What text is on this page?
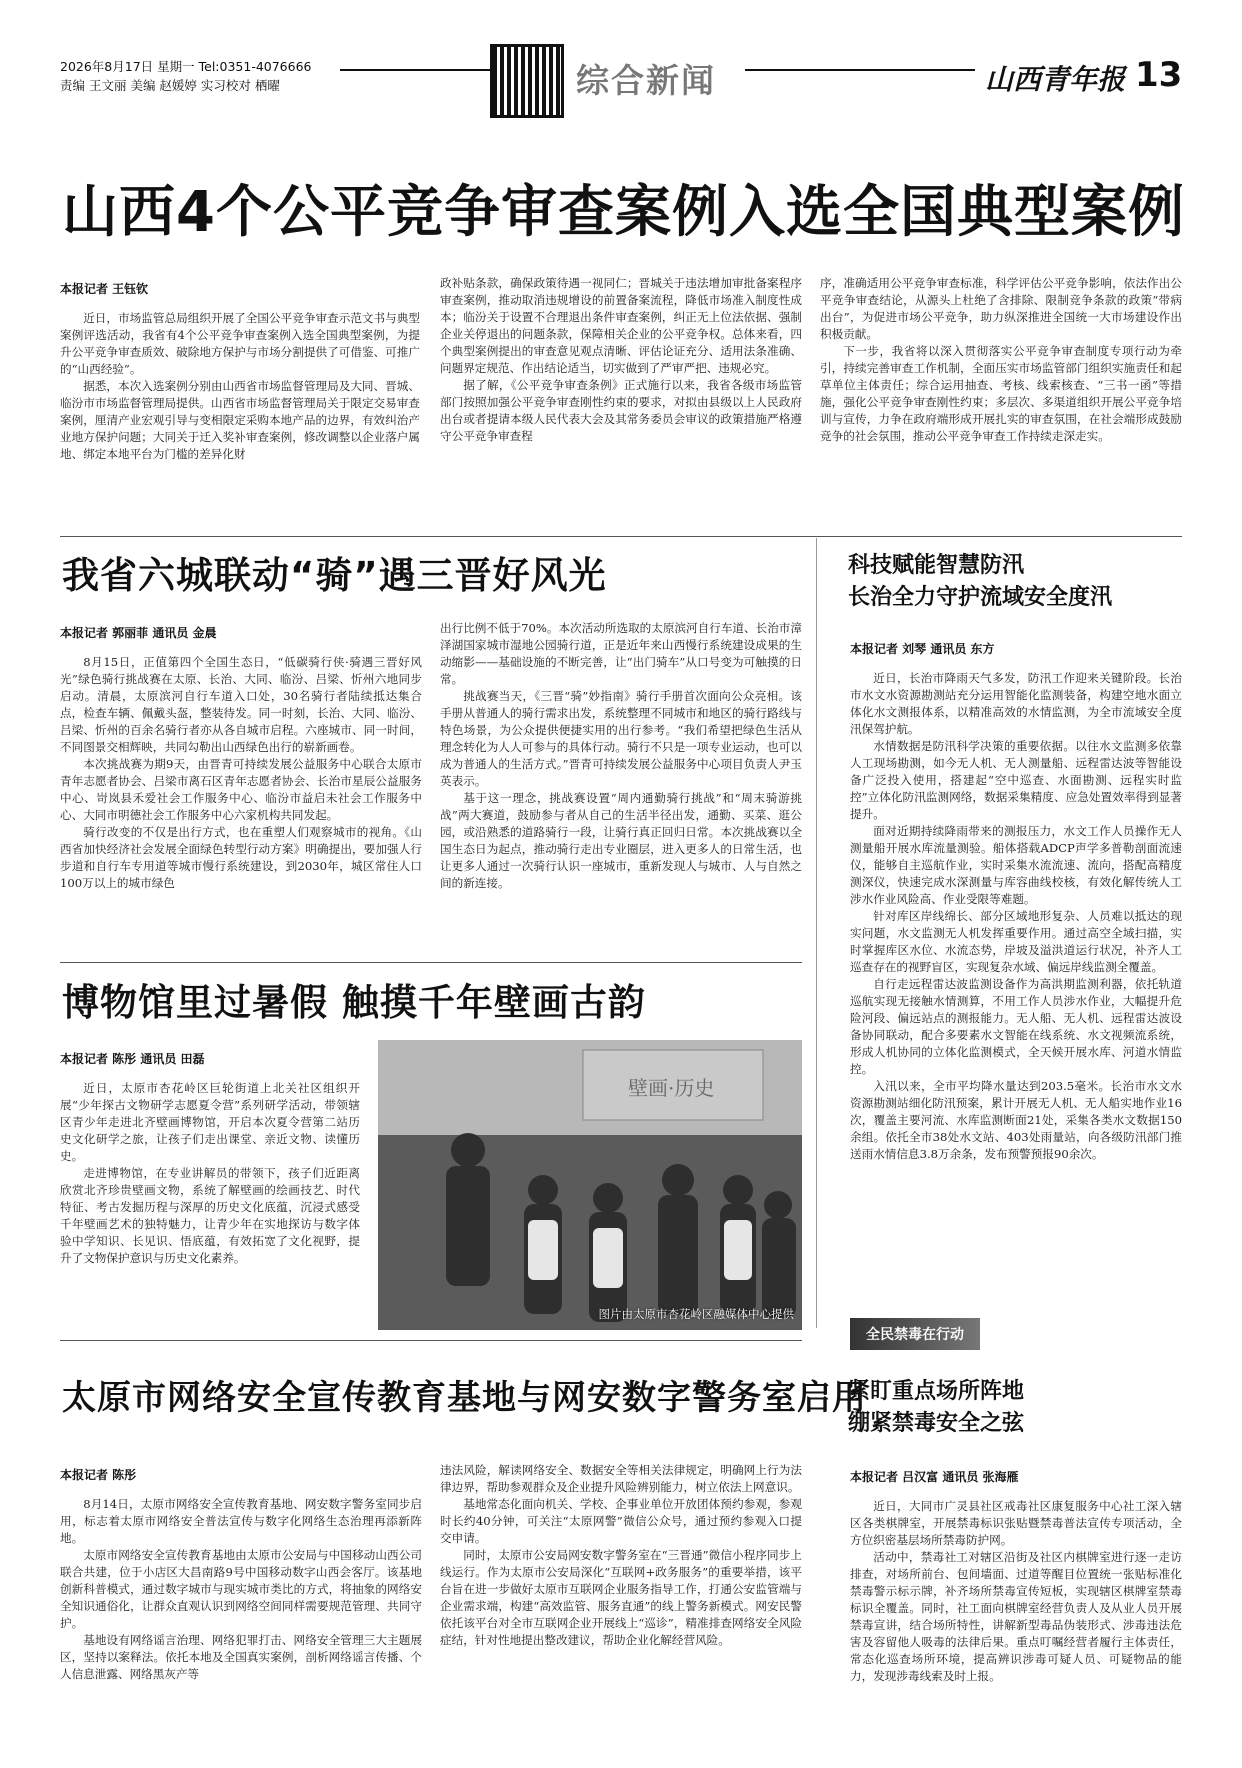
2026年8月17日 星期一 Tel:0351-4076666
责编 王文丽 美编 赵媛婷 实习校对 栖曜	综合新闻	山西青年报 13
山西4个公平竞争审查案例入选全国典型案例
本报记者 王钰钦

近日，市场监管总局组织开展了全国公平竞争审查示范文书与典型案例评选活动，我省有4个公平竞争审查案例入选全国典型案例，为提升公平竞争审查质效、破除地方保护与市场分割提供了可借鉴、可推广的“山西经验”。

据悉，本次入选案例分别由山西省市场监督管理局及大同、晋城、临汾市市场监督管理局提供。山西省市场监督管理局关于限定交易审查案例，厘清产业宏观引导与变相限定采购本地产品的边界，有效纠治产业地方保护问题；大同关于迁入奖补审查案例，修改调整以企业落户属地、绑定本地平台为门槛的差异化财

政补贴条款，确保政策待遇一视同仁；晋城关于违法增加审批备案程序审查案例，推动取消违规增设的前置备案流程，降低市场准入制度性成本；临汾关于设置不合理退出条件审查案例，纠正无上位法依据、强制企业关停退出的问题条款，保障相关企业的公平竞争权。总体来看，四个典型案例提出的审查意见观点清晰、评估论证充分、适用法条准确、问题界定规范、作出结论适当，切实做到了严审严把、违规必究。

据了解，《公平竞争审查条例》正式施行以来，我省各级市场监管部门按照加强公平竞争审查刚性约束的要求，对拟由县级以上人民政府出台或者提请本级人民代表大会及其常务委员会审议的政策措施严格遵守公平竞争审查程

序，准确适用公平竞争审查标准，科学评估公平竞争影响，依法作出公平竞争审查结论，从源头上杜绝了含排除、限制竞争条款的政策“带病出台”，为促进市场公平竞争，助力纵深推进全国统一大市场建设作出积极贡献。

下一步，我省将以深入贯彻落实公平竞争审查制度专项行动为牵引，持续完善审查工作机制，全面压实市场监管部门组织实施责任和起草单位主体责任；综合运用抽查、考核、线索核查、“三书一函”等措施，强化公平竞争审查刚性约束；多层次、多渠道组织开展公平竞争培训与宣传，力争在政府端形成开展扎实的审查氛围，在社会端形成鼓励竞争的社会氛围，推动公平竞争审查工作持续走深走实。

我省六城联动“骑”遇三晋好风光
本报记者 郭丽菲 通讯员 金晨

8月15日，正值第四个全国生态日，“低碳骑行侠·骑遇三晋好风光”绿色骑行挑战赛在太原、长治、大同、临汾、吕梁、忻州六地同步启动。清晨，太原滨河自行车道入口处，30名骑行者陆续抵达集合点，检查车辆、佩戴头盔，整装待发。同一时刻，长治、大同、临汾、吕梁、忻州的百余名骑行者亦从各自城市启程。六座城市、同一时间，不同图景交相辉映，共同勾勒出山西绿色出行的崭新画卷。

本次挑战赛为期9天，由晋青可持续发展公益服务中心联合太原市青年志愿者协会、吕梁市离石区青年志愿者协会、长治市星辰公益服务中心、岢岚县禾爱社会工作服务中心、临汾市益启未社会工作服务中心、大同市明德社会工作服务中心六家机构共同发起。

骑行改变的不仅是出行方式，也在重塑人们观察城市的视角。《山西省加快经济社会发展全面绿色转型行动方案》明确提出，要加强人行步道和自行车专用道等城市慢行系统建设，到2030年，城区常住人口100万以上的城市绿色

出行比例不低于70%。本次活动所选取的太原滨河自行车道、长治市漳泽湖国家城市湿地公园骑行道，正是近年来山西慢行系统建设成果的生动缩影——基础设施的不断完善，让“出门骑车”从口号变为可触摸的日常。

挑战赛当天，《三晋“骑”妙指南》骑行手册首次面向公众亮相。该手册从普通人的骑行需求出发，系统整理不同城市和地区的骑行路线与特色场景，为公众提供便捷实用的出行参考。“我们希望把绿色生活从理念转化为人人可参与的具体行动。骑行不只是一项专业运动，也可以成为普通人的生活方式。”晋青可持续发展公益服务中心项目负责人尹玉英表示。

基于这一理念，挑战赛设置“周内通勤骑行挑战”和“周末骑游挑战”两大赛道，鼓励参与者从自己的生活半径出发，通勤、买菜、逛公园，或沿熟悉的道路骑行一段，让骑行真正回归日常。本次挑战赛以全国生态日为起点，推动骑行走出专业圈层，进入更多人的日常生活，也让更多人通过一次骑行认识一座城市，重新发现人与城市、人与自然之间的新连接。

科技赋能智慧防汛
长治全力守护流域安全度汛
本报记者 刘琴 通讯员 东方

近日，长治市降雨天气多发，防汛工作迎来关键阶段。长治市水文水资源勘测站充分运用智能化监测装备，构建空地水面立体化水文测报体系，以精准高效的水情监测，为全市流域安全度汛保驾护航。

水情数据是防汛科学决策的重要依据。以往水文监测多依靠人工现场勘测，如今无人机、无人测量船、远程雷达波等智能设备广泛投入使用，搭建起“空中巡查、水面勘测、远程实时监控”立体化防汛监测网络，数据采集精度、应急处置效率得到显著提升。

面对近期持续降雨带来的测报压力，水文工作人员操作无人测量船开展水库流量测验。船体搭载ADCP声学多普勒剖面流速仪，能够自主巡航作业，实时采集水流流速、流向，搭配高精度测深仪，快速完成水深测量与库容曲线校核，有效化解传统人工涉水作业风险高、作业受限等难题。

针对库区岸线绵长、部分区域地形复杂、人员难以抵达的现实问题，水文监测无人机发挥重要作用。通过高空全域扫描，实时掌握库区水位、水流态势，岸坡及溢洪道运行状况，补齐人工巡查存在的视野盲区，实现复杂水域、偏远岸线监测全覆盖。

自行走远程雷达波监测设备作为高洪期监测利器，依托轨道巡航实现无接触水情测算，不用工作人员涉水作业，大幅提升危险河段、偏远站点的测报能力。无人船、无人机、远程雷达波设备协同联动，配合多要素水文智能在线系统、水文视频流系统，形成人机协同的立体化监测模式，全天候开展水库、河道水情监控。

入汛以来，全市平均降水量达到203.5毫米。长治市水文水资源勘测站细化防汛预案，累计开展无人机、无人船实地作业16次，覆盖主要河流、水库监测断面21处，采集各类水文数据150余组。依托全市38处水文站、403处雨量站，向各级防汛部门推送雨水情信息3.8万余条，发布预警预报90余次。

博物馆里过暑假 触摸千年壁画古韵
本报记者 陈彤 通讯员 田磊

近日，太原市杏花岭区巨轮街道上北关社区组织开展“少年探古文物研学志愿夏令营”系列研学活动，带领辖区青少年走进北齐壁画博物馆，开启本次夏令营第二站历史文化研学之旅，让孩子们走出课堂、亲近文物、读懂历史。

走进博物馆，在专业讲解员的带领下，孩子们近距离欣赏北齐珍贵壁画文物，系统了解壁画的绘画技艺、时代特征、考古发掘历程与深厚的历史文化底蕴，沉浸式感受千年壁画艺术的独特魅力，让青少年在实地探访与数字体验中学知识、长见识、悟底蕴，有效拓宽了文化视野，提升了文物保护意识与历史文化素养。

壁画·历史
图片由太原市杏花岭区融媒体中心提供
全民禁毒在行动
紧盯重点场所阵地
绷紧禁毒安全之弦
本报记者 吕汉富 通讯员 张海雁

近日，大同市广灵县社区戒毒社区康复服务中心社工深入辖区各类棋牌室，开展禁毒标识张贴暨禁毒普法宣传专项活动，全方位织密基层场所禁毒防护网。

活动中，禁毒社工对辖区沿街及社区内棋牌室进行逐一走访排查，对场所前台、包间墙面、过道等醒目位置统一张贴标准化禁毒警示标示牌，补齐场所禁毒宣传短板，实现辖区棋牌室禁毒标识全覆盖。同时，社工面向棋牌室经营负责人及从业人员开展禁毒宣讲，结合场所特性，讲解新型毒品伪装形式、涉毒违法危害及容留他人吸毒的法律后果。重点叮嘱经营者履行主体责任，常态化巡查场所环境，提高辨识涉毒可疑人员、可疑物品的能力，发现涉毒线索及时上报。

太原市网络安全宣传教育基地与网安数字警务室启用
本报记者 陈彤

8月14日，太原市网络安全宣传教育基地、网安数字警务室同步启用，标志着太原市网络安全普法宣传与数字化网络生态治理再添新阵地。

太原市网络安全宣传教育基地由太原市公安局与中国移动山西公司联合共建，位于小店区大昌南路9号中国移动数字山西会客厅。该基地创新科普模式，通过数字城市与现实城市类比的方式，将抽象的网络安全知识通俗化，让群众直观认识到网络空间同样需要规范管理、共同守护。

基地设有网络谣言治理、网络犯罪打击、网络安全管理三大主题展区，坚持以案释法。依托本地及全国真实案例，剖析网络谣言传播、个人信息泄露、网络黑灰产等

违法风险，解读网络安全、数据安全等相关法律规定，明确网上行为法律边界，帮助参观群众及企业提升风险辨别能力，树立依法上网意识。

基地常态化面向机关、学校、企事业单位开放团体预约参观，参观时长约40分钟，可关注“太原网警”微信公众号，通过预约参观入口提交申请。

同时，太原市公安局网安数字警务室在“三晋通”微信小程序同步上线运行。作为太原市公安局深化“互联网+政务服务”的重要举措，该平台旨在进一步做好太原市互联网企业服务指导工作，打通公安监管端与企业需求端，构建“高效监管、服务直通”的线上警务新模式。网安民警依托该平台对全市互联网企业开展线上“巡诊”，精准排查网络安全风险症结，针对性地提出整改建议，帮助企业化解经营风险。
